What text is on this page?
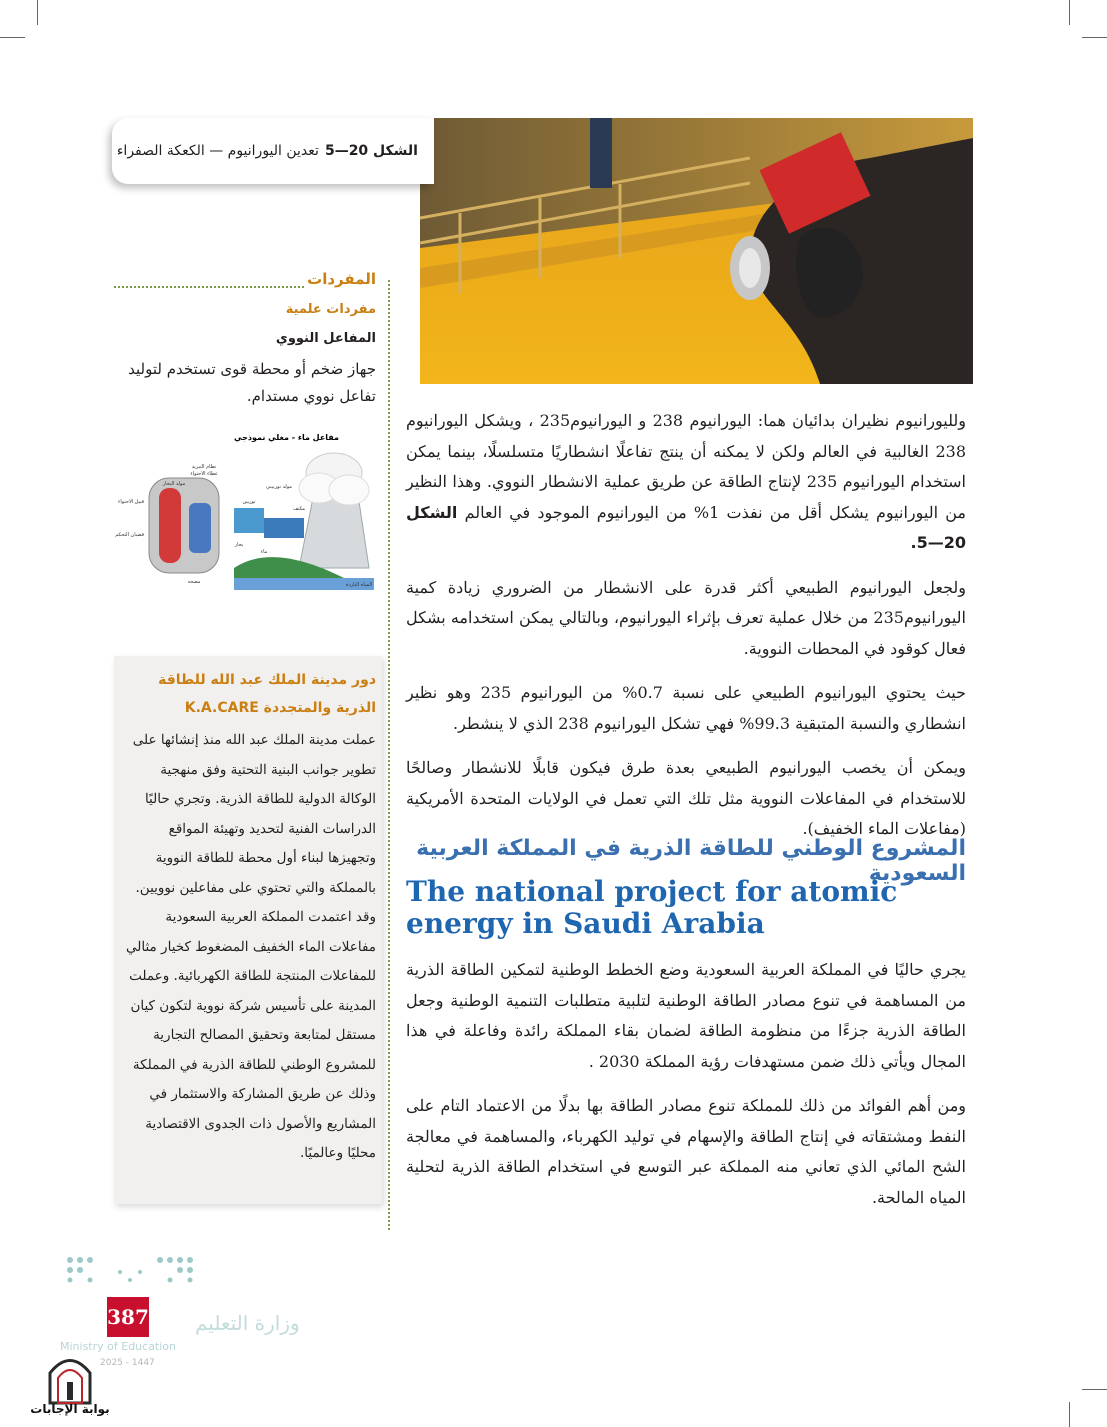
الشكل 20—5
تعدين اليورانيوم — الكعكة الصفراء
المفردات
مفردات علمية
المفاعل النووي
جهاز ضخم أو محطة قوى تستخدم لتوليد تفاعل نووي مستدام.
مفاعل ماء - مغلي نموذجي
نظام التبريد
غطاء الاحتواء
مولد البخار
قبيل الاحتواء
قضبان التحكم
مولد توربيني
مكثف
توربين
مضخة
بخار
ماء
المياه الباردة
دور مدينة الملك عبد الله للطاقة
الذرية والمتجددة K.A.CARE
عملت مدينة الملك عبد الله منذ إنشائها على تطوير جوانب البنية التحتية وفق منهجية الوكالة الدولية للطاقة الذرية. وتجري حاليًا الدراسات الفنية لتحديد وتهيئة المواقع وتجهيزها لبناء أول محطة للطاقة النووية بالمملكة والتي تحتوي على مفاعلين نوويين. وقد اعتمدت المملكة العربية السعودية مفاعلات الماء الخفيف المضغوط كخيار مثالي للمفاعلات المنتجة للطاقة الكهربائية. وعملت المدينة على تأسيس شركة نووية لتكون كيان مستقل لمتابعة وتحقيق المصالح التجارية للمشروع الوطني للطاقة الذرية في المملكة وذلك عن طريق المشاركة والاستثمار في المشاريع والأصول ذات الجدوى الاقتصادية محليًا وعالميًا.

ولليورانيوم نظيران بدائيان هما: اليورانيوم 238 و اليورانيوم235 ، ويشكل اليورانيوم 238 الغالبية في العالم ولكن لا يمكنه أن ينتج تفاعلًا انشطاريًا متسلسلًا، بينما يمكن استخدام اليورانيوم 235 لإنتاج الطاقة عن طريق عملية الانشطار النووي. وهذا النظير من اليورانيوم يشكل أقل من نفذت 1% من اليورانيوم الموجود في العالم الشكل 20—5.

ولجعل اليورانيوم الطبيعي أكثر قدرة على الانشطار من الضروري زيادة كمية اليورانيوم235 من خلال عملية تعرف بإثراء اليورانيوم، وبالتالي يمكن استخدامه بشكل فعال كوقود في المحطات النووية.

حيث يحتوي اليورانيوم الطبيعي على نسبة 0.7% من اليورانيوم 235 وهو نظير انشطاري والنسبة المتبقية 99.3% فهي تشكل اليورانيوم 238 الذي لا ينشطر.

ويمكن أن يخصب اليورانيوم الطبيعي بعدة طرق فيكون قابلًا للانشطار وصالحًا للاستخدام في المفاعلات النووية مثل تلك التي تعمل في الولايات المتحدة الأمريكية (مفاعلات الماء الخفيف).

المشروع الوطني للطاقة الذرية في المملكة العربية السعودية
The national project for atomic energy in Saudi Arabia

يجري حاليًا في المملكة العربية السعودية وضع الخطط الوطنية لتمكين الطاقة الذرية من المساهمة في تنوع مصادر الطاقة الوطنية لتلبية متطلبات التنمية الوطنية وجعل الطاقة الذرية جزءًا من منظومة الطاقة لضمان بقاء المملكة رائدة وفاعلة في هذا المجال ويأتي ذلك ضمن مستهدفات رؤية المملكة 2030 .

ومن أهم الفوائد من ذلك للمملكة تنوع مصادر الطاقة بها بدلًا من الاعتماد التام على النفط ومشتقاته في إنتاج الطاقة والإسهام في توليد الكهرباء، والمساهمة في معالجة الشح المائي الذي تعاني منه المملكة عبر التوسع في استخدام الطاقة الذرية لتحلية المياه المالحة.

وزارة التعليم
387
Ministry of Education
2025 - 1447
بوابة الإجابات
